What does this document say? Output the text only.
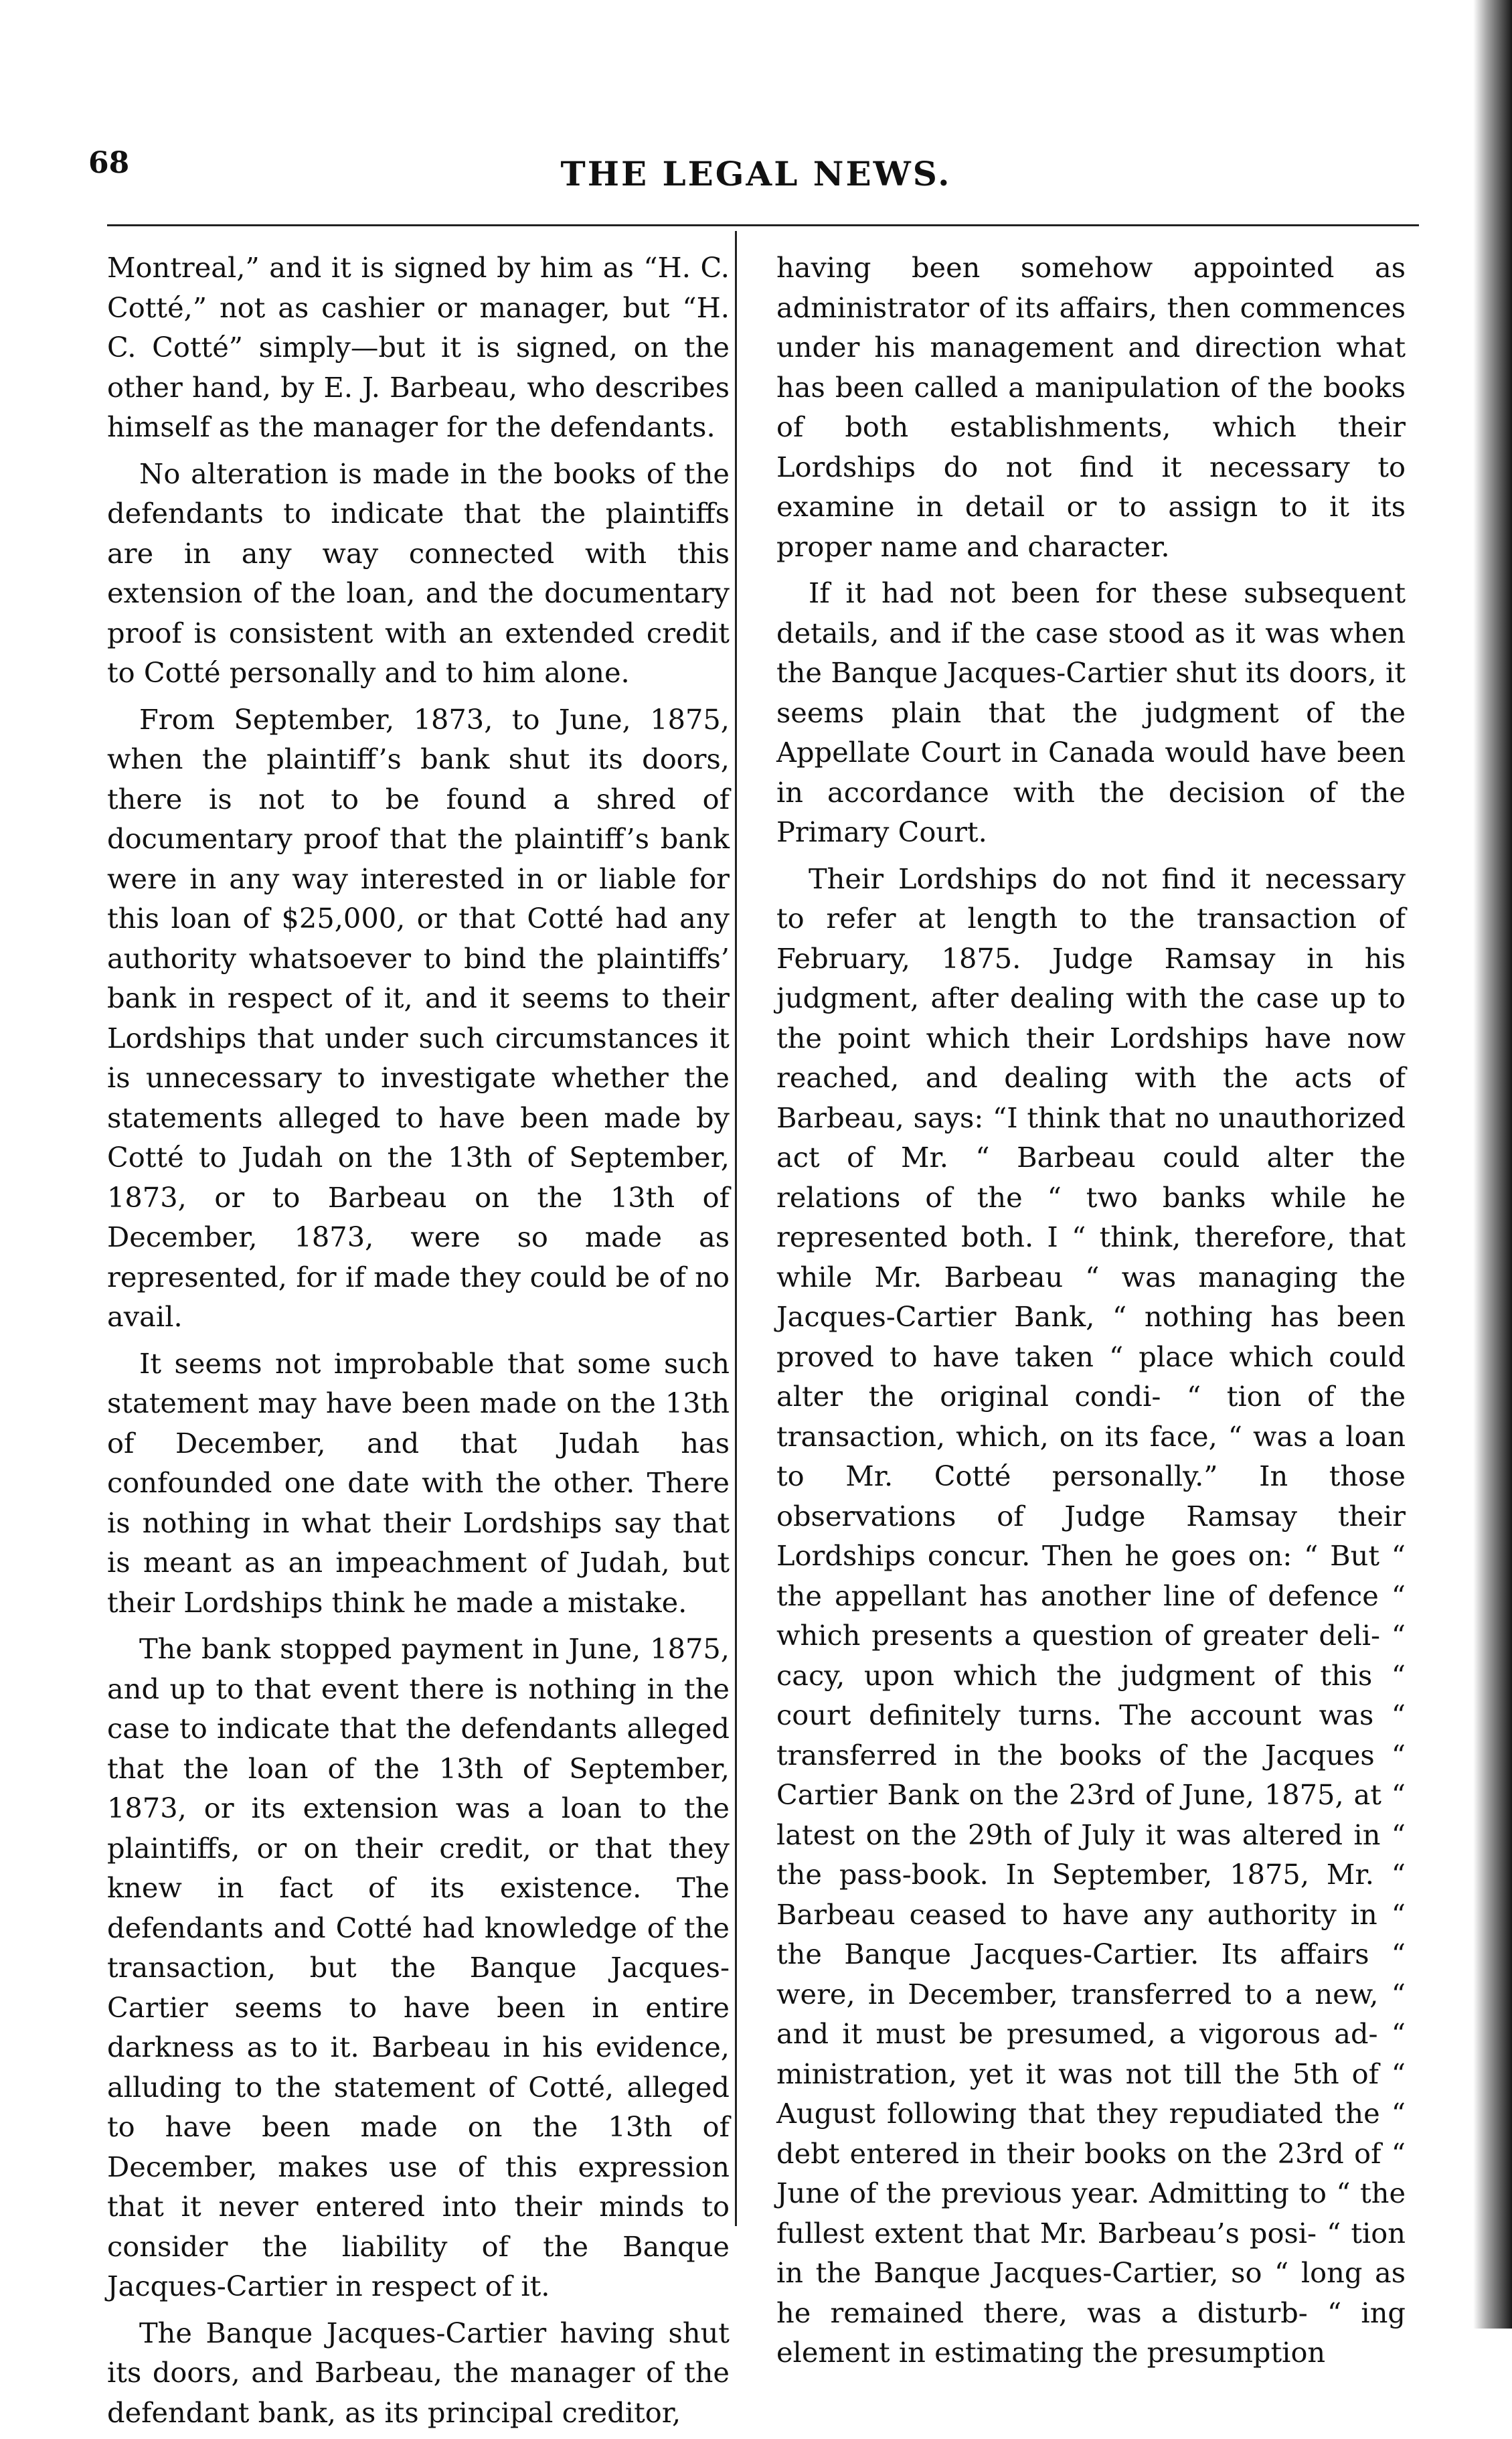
68	THE LEGAL NEWS.

Montreal,” and it is signed by him as “H. C. Cotté,” not as cashier or manager, but “H. C. Cotté” simply—but it is signed, on the other hand, by E. J. Barbeau, who describes himself as the manager for the defendants.

No alteration is made in the books of the defendants to indicate that the plaintiffs are in any way connected with this extension of the loan, and the documentary proof is consistent with an extended credit to Cotté personally and to him alone.

From September, 1873, to June, 1875, when the plaintiff’s bank shut its doors, there is not to be found a shred of documentary proof that the plaintiff’s bank were in any way interested in or liable for this loan of $25,000, or that Cotté had any authority whatsoever to bind the plaintiffs’ bank in respect of it, and it seems to their Lordships that under such circumstances it is unnecessary to investigate whether the statements alleged to have been made by Cotté to Judah on the 13th of September, 1873, or to Barbeau on the 13th of December, 1873, were so made as represented, for if made they could be of no avail.

It seems not improbable that some such statement may have been made on the 13th of December, and that Judah has confounded one date with the other. There is nothing in what their Lordships say that is meant as an impeachment of Judah, but their Lordships think he made a mistake.

The bank stopped payment in June, 1875, and up to that event there is nothing in the case to indicate that the defendants alleged that the loan of the 13th of September, 1873, or its extension was a loan to the plaintiffs, or on their credit, or that they knew in fact of its existence. The defendants and Cotté had knowledge of the transaction, but the Banque Jacques-Cartier seems to have been in entire darkness as to it. Barbeau in his evidence, alluding to the statement of Cotté, alleged to have been made on the 13th of December, makes use of this expression that it never entered into their minds to consider the liability of the Banque Jacques-Cartier in respect of it.

The Banque Jacques-Cartier having shut its doors, and Barbeau, the manager of the defendant bank, as its principal creditor,

having been somehow appointed as administrator of its affairs, then commences under his management and direction what has been called a manipulation of the books of both establishments, which their Lordships do not find it necessary to examine in detail or to assign to it its proper name and character.

If it had not been for these subsequent details, and if the case stood as it was when the Banque Jacques-Cartier shut its doors, it seems plain that the judgment of the Appellate Court in Canada would have been in accordance with the decision of the Primary Court.

Their Lordships do not find it necessary to refer at length to the transaction of February, 1875. Judge Ramsay in his judgment, after dealing with the case up to the point which their Lordships have now reached, and dealing with the acts of Barbeau, says: “I think that no unauthorized act of Mr. “ Barbeau could alter the relations of the “ two banks while he represented both. I “ think, therefore, that while Mr. Barbeau “ was managing the Jacques-Cartier Bank, “ nothing has been proved to have taken “ place which could alter the original condi- “ tion of the transaction, which, on its face, “ was a loan to Mr. Cotté personally.” In those observations of Judge Ramsay their Lordships concur. Then he goes on: “ But “ the appellant has another line of defence “ which presents a question of greater deli- “ cacy, upon which the judgment of this “ court definitely turns. The account was “ transferred in the books of the Jacques “ Cartier Bank on the 23rd of June, 1875, at “ latest on the 29th of July it was altered in “ the pass-book. In September, 1875, Mr. “ Barbeau ceased to have any authority in “ the Banque Jacques-Cartier. Its affairs “ were, in December, transferred to a new, “ and it must be presumed, a vigorous ad- “ ministration, yet it was not till the 5th of “ August following that they repudiated the “ debt entered in their books on the 23rd of “ June of the previous year. Admitting to “ the fullest extent that Mr. Barbeau’s posi- “ tion in the Banque Jacques-Cartier, so “ long as he remained there, was a disturb- “ ing element in estimating the presumption
